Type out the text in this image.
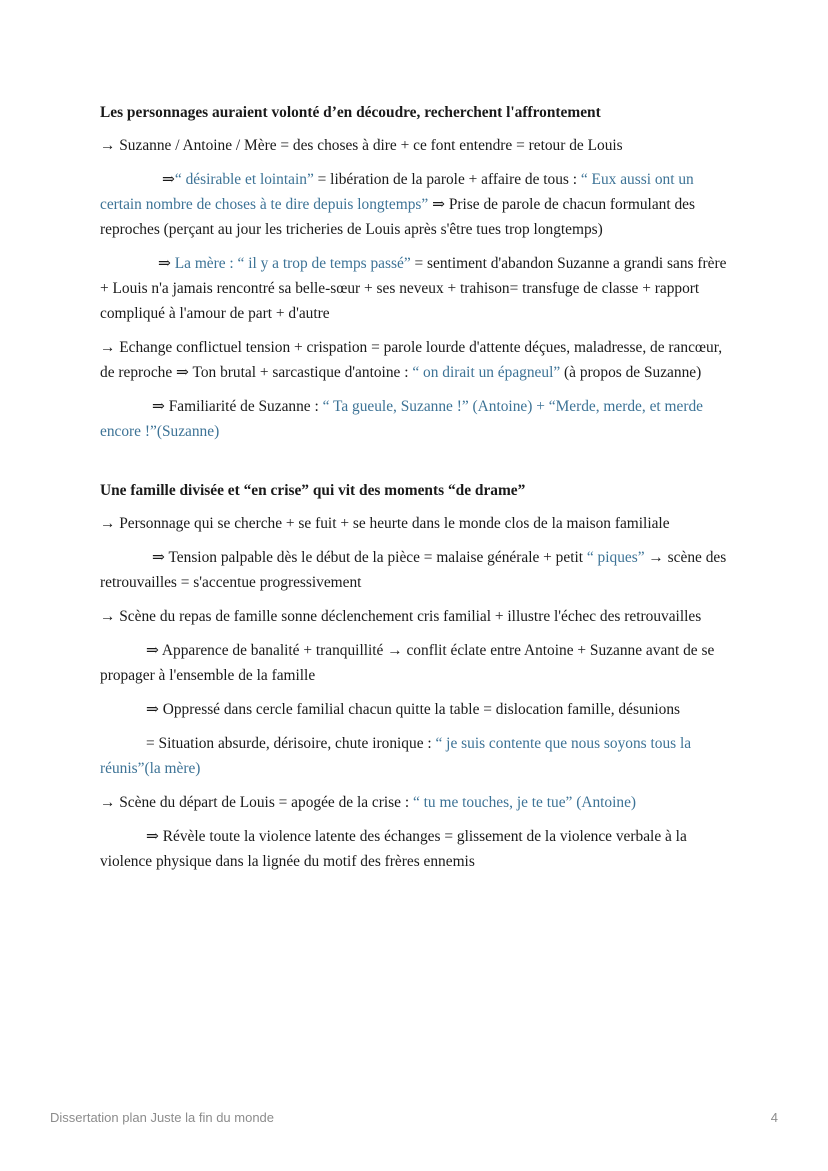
Les personnages auraient volonté d’en découdre, recherchent l'affrontement

→ Suzanne / Antoine / Mère = des choses à dire + ce font entendre = retour de Louis

⇒“ désirable et lointain” = libération de la parole + affaire de tous : “ Eux aussi ont un certain nombre de choses à te dire depuis longtemps” ⇒ Prise de parole de chacun formulant des reproches (perçant au jour les tricheries de Louis après s'être tues trop longtemps)

⇒ La mère : “ il y a trop de temps passé” = sentiment d'abandon Suzanne a grandi sans frère + Louis n'a jamais rencontré sa belle-sœur + ses neveux + trahison= transfuge de classe + rapport compliqué à l'amour de part + d'autre

→ Echange conflictuel tension + crispation = parole lourde d'attente déçues, maladresse, de rancœur, de reproche ⇒ Ton brutal + sarcastique d'antoine : “ on dirait un épagneul” (à propos de Suzanne)

⇒ Familiarité de Suzanne : “ Ta gueule, Suzanne !” (Antoine) + “Merde, merde, et merde encore !”(Suzanne)

Une famille divisée et “en crise” qui vit des moments “de drame”

→ Personnage qui se cherche + se fuit + se heurte dans le monde clos de la maison familiale

⇒ Tension palpable dès le début de la pièce = malaise générale + petit “ piques” → scène des retrouvailles = s'accentue progressivement

→ Scène du repas de famille sonne déclenchement cris familial + illustre l'échec des retrouvailles

⇒ Apparence de banalité + tranquillité → conflit éclate entre Antoine + Suzanne avant de se propager à l'ensemble de la famille

⇒ Oppressé dans cercle familial chacun quitte la table = dislocation famille, désunions

= Situation absurde, dérisoire, chute ironique : “ je suis contente que nous soyons tous la réunis”(la mère)

→ Scène du départ de Louis = apogée de la crise : “ tu me touches, je te tue” (Antoine)

⇒ Révèle toute la violence latente des échanges = glissement de la violence verbale à la violence physique dans la lignée du motif des frères ennemis

Dissertation plan Juste la fin du monde	4
